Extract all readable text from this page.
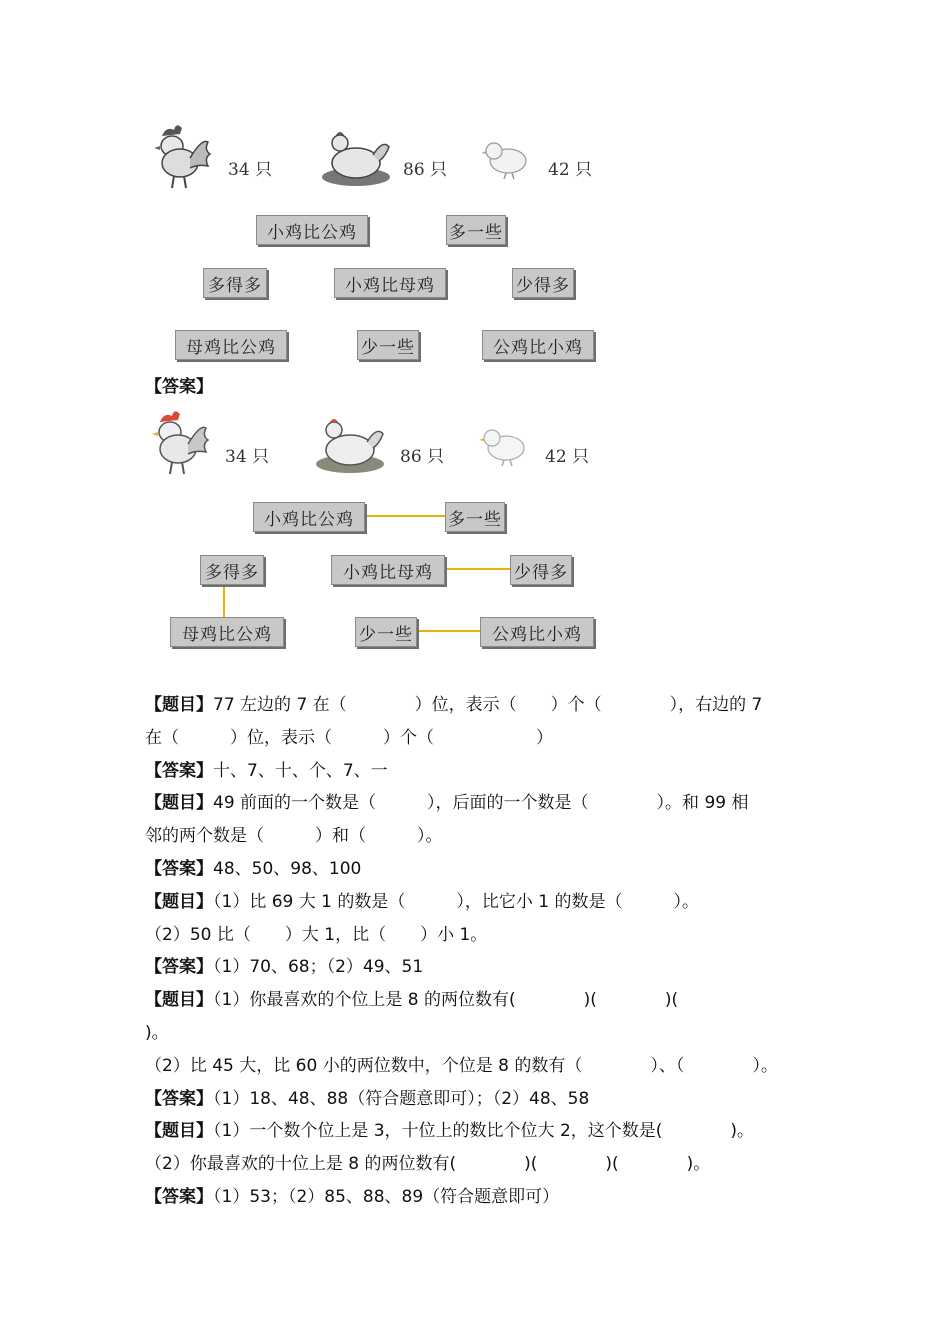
34 只	86 只	42 只
小鸡比公鸡	多一些
多得多	小鸡比母鸡	少得多
母鸡比公鸡	少一些	公鸡比小鸡
【答案】
34 只	86 只	42 只
小鸡比公鸡	多一些
多得多	小鸡比母鸡	少得多
母鸡比公鸡	少一些	公鸡比小鸡
【题目】77 左边的 7 在（　　　　）位，表示（　　）个（　　　　），右边的 7
在（　　　）位，表示（　　　）个（　　　　　　）
【答案】十、7、十、个、7、一
【题目】49 前面的一个数是（　　　），后面的一个数是（　　　　）。和 99 相
邻的两个数是（　　　）和（　　　）。
【答案】48、50、98、100
【题目】（1）比 69 大 1 的数是（　　　），比它小 1 的数是（　　　）。
（2）50 比（　　）大 1，比（　　）小 1。
【答案】（1）70、68；（2）49、51
【题目】（1）你最喜欢的个位上是 8 的两位数有(　　　　)(　　　　)(
)。
（2）比 45 大，比 60 小的两位数中，个位是 8 的数有（　　　　）、（　　　　）。
【答案】（1）18、48、88（符合题意即可）；（2）48、58
【题目】（1）一个数个位上是 3，十位上的数比个位大 2，这个数是(　　　　)。
（2）你最喜欢的十位上是 8 的两位数有(　　　　)(　　　　)(　　　　)。
【答案】（1）53；（2）85、88、89（符合题意即可）
